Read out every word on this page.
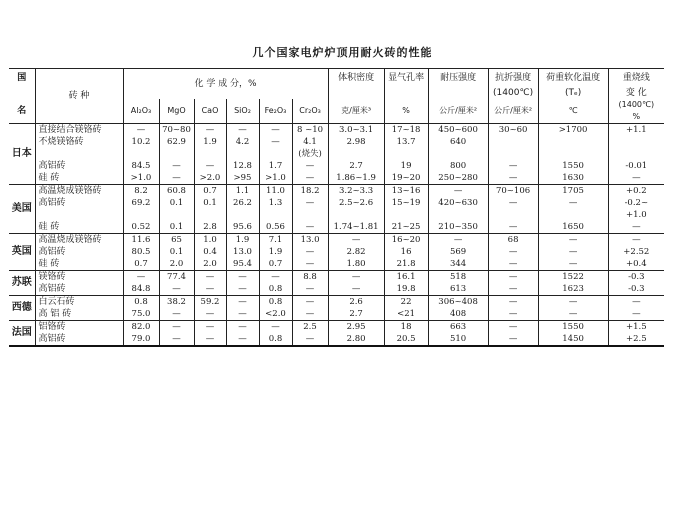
几个国家电炉炉顶用耐火砖的性能
国	砖 种	化 学 成 分，%						体积密度	显气孔率	耐压强度	抗折强度	荷重软化温度	重烧线
											(1400℃)	(Tₑ)	变 化
名		Al₂O₃	MgO	CaO	SiO₂	Fe₂O₃	Cr₂O₃	克/厘米³	%	公斤/厘米²	公斤/厘米²	℃	(1400℃)
%
日本	直接结合镁铬砖	—	70~80	—	—	—	8 ~10	3.0~3.1	17~18	450~600	30~60	>1700	+1.1
	不烧镁铬砖	10.2	62.9	1.9	4.2	—	4.1	2.98	13.7	640			
							(烧失)						
	高铝砖	84.5	—	—	12.8	1.7	—	2.7	19	800	—	1550	-0.01
	硅 砖	>1.0	—	>2.0	>95	>1.0	—	1.86~1.9	19~20	250~280	—	1630	—
美国	高温烧成镁铬砖	8.2	60.8	0.7	1.1	11.0	18.2	3.2~3.3	13~16	—	70~106	1705	+0.2
	高铝砖	69.2	0.1	0.1	26.2	1.3	—	2.5~2.6	15~19	420~630	—	—	-0.2~
													+1.0
	硅 砖	0.52	0.1	2.8	95.6	0.56	—	1.74~1.81	21~25	210~350	—	1650	—
英国	高温烧成镁铬砖	11.6	65	1.0	1.9	7.1	13.0	—	16~20	—	68	—	—
	高铝砖	80.5	0.1	0.4	13.0	1.9	—	2.82	16	569	—	—	+2.52
	硅 砖	0.7	2.0	2.0	95.4	0.7	—	1.80	21.8	344	—	—	+0.4
苏联	镁铬砖	—	77.4	—	—	—	8.8	—	16.1	518	—	1522	-0.3
	高铝砖	84.8	—	—	—	0.8	—	—	19.8	613	—	1623	-0.3
西德	白云石砖	0.8	38.2	59.2	—	0.8	—	2.6	22	306~408	—	—	—
	高 铝 砖	75.0	—	—	—	<2.0	—	2.7	<21	408	—	—	—
法国	铝铬砖	82.0	—	—	—	—	2.5	2.95	18	663	—	1550	+1.5
	高铝砖	79.0	—	—	—	0.8	—	2.80	20.5	510	—	1450	+2.5
